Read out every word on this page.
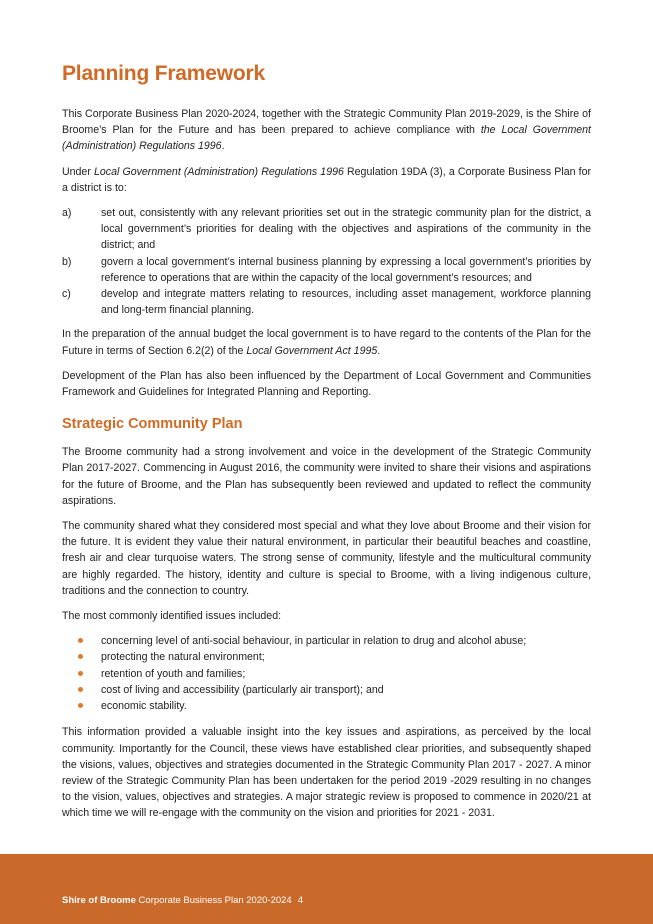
Planning Framework

This Corporate Business Plan 2020-2024, together with the Strategic Community Plan 2019-2029, is the Shire of Broome’s Plan for the Future and has been prepared to achieve compliance with the Local Government (Administration) Regulations 1996.

Under Local Government (Administration) Regulations 1996 Regulation 19DA (3), a Corporate Business Plan for a district is to:

a)	set out, consistently with any relevant priorities set out in the strategic community plan for the district, a local government’s priorities for dealing with the objectives and aspirations of the community in the district; and
b)	govern a local government’s internal business planning by expressing a local government’s priorities by reference to operations that are within the capacity of the local government’s resources; and
c)	develop and integrate matters relating to resources, including asset management, workforce planning and long-term financial planning.

In the preparation of the annual budget the local government is to have regard to the contents of the Plan for the Future in terms of Section 6.2(2) of the Local Government Act 1995.

Development of the Plan has also been influenced by the Department of Local Government and Communities Framework and Guidelines for Integrated Planning and Reporting.

Strategic Community Plan

The Broome community had a strong involvement and voice in the development of the Strategic Community Plan 2017-2027. Commencing in August 2016, the community were invited to share their visions and aspirations for the future of Broome, and the Plan has subsequently been reviewed and updated to reflect the community aspirations.

The community shared what they considered most special and what they love about Broome and their vision for the future. It is evident they value their natural environment, in particular their beautiful beaches and coastline, fresh air and clear turquoise waters. The strong sense of community, lifestyle and the multicultural community are highly regarded. The history, identity and culture is special to Broome, with a living indigenous culture, traditions and the connection to country.

The most commonly identified issues included:

concerning level of anti-social behaviour, in particular in relation to drug and alcohol abuse;
protecting the natural environment;
retention of youth and families;
cost of living and accessibility (particularly air transport); and
economic stability.

This information provided a valuable insight into the key issues and aspirations, as perceived by the local community. Importantly for the Council, these views have established clear priorities, and subsequently shaped the visions, values, objectives and strategies documented in the Strategic Community Plan 2017 - 2027. A minor review of the Strategic Community Plan has been undertaken for the period 2019 -2029 resulting in no changes to the vision, values, objectives and strategies. A major strategic review is proposed to commence in 2020/21 at which time we will re-engage with the community on the vision and priorities for 2021 - 2031.

Shire of Broome Corporate Business Plan 2020-2024 4
